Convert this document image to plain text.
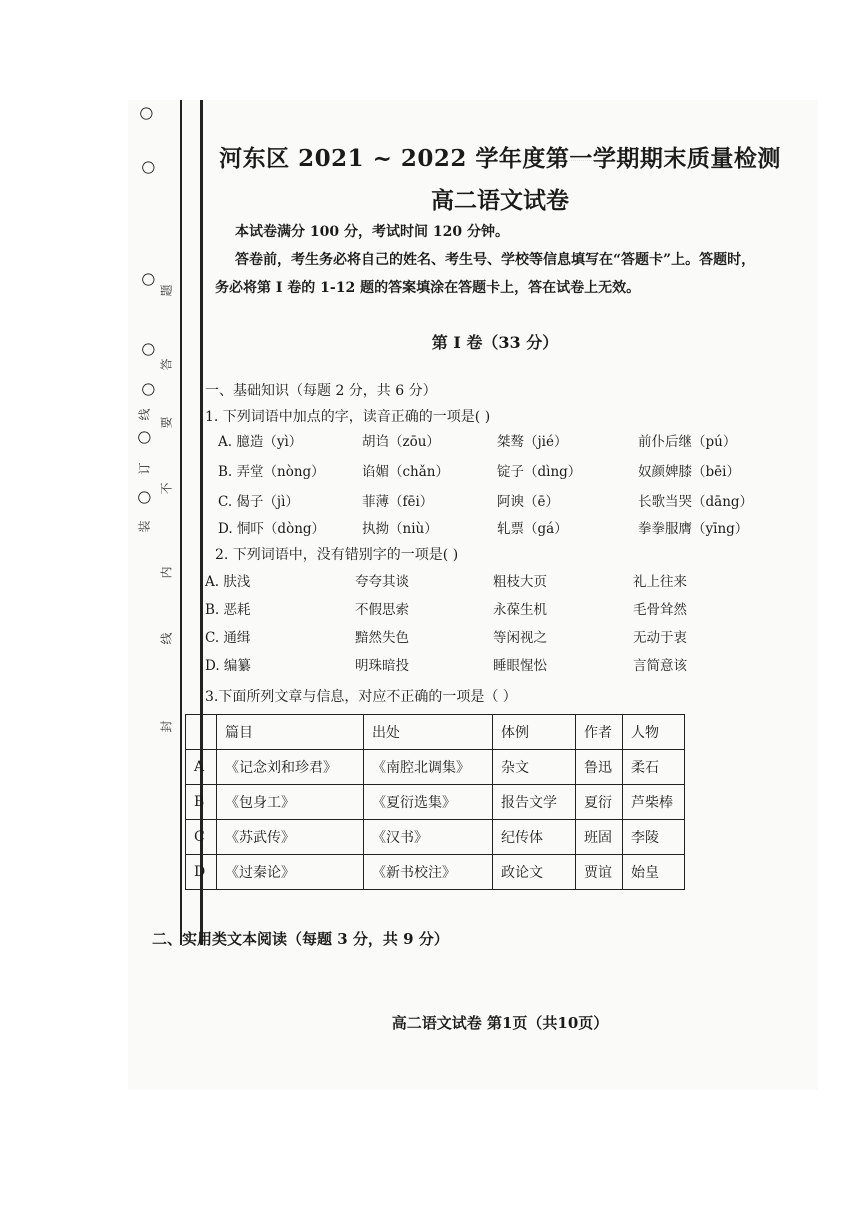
○
○
○
○
○
○
○
线
订
装
题
答
要
不
内
线
封
河东区 2021 ~ 2022 学年度第一学期期末质量检测
高二语文试卷
本试卷满分 100 分，考试时间 120 分钟。
答卷前，考生务必将自己的姓名、考生号、学校等信息填写在“答题卡”上。答题时，
务必将第 I 卷的 1-12 题的答案填涂在答题卡上，答在试卷上无效。
第 I 卷（33 分）
一、基础知识（每题 2 分，共 6 分）
1. 下列词语中加点的字，读音正确的一项是( )
A. 臆造（yì）	胡诌（zōu）	桀骜（jié）	前仆后继（pú）
B. 弄堂（nòng）	谄媚（chǎn）	锭子（dìng）	奴颜婢膝（bēi）
C. 偈子（jì）	菲薄（fēi）	阿谀（ē）	长歌当哭（dāng）
D. 恫吓（dòng）	执拗（niù）	轧票（gá）	拳拳服膺（yīng）
2. 下列词语中，没有错别字的一项是( )
A. 肤浅	夸夸其谈	粗枝大页	礼上往来
B. 恶耗	不假思索	永葆生机	毛骨耸然
C. 通缉	黯然失色	等闲视之	无动于衷
D. 编纂	明珠暗投	睡眼惺忪	言简意该
3.下面所列文章与信息，对应不正确的一项是（ ）
	篇目	出处	体例	作者	人物
A	《记念刘和珍君》	《南腔北调集》	杂文	鲁迅	柔石
B	《包身工》	《夏衍选集》	报告文学	夏衍	芦柴棒
C	《苏武传》	《汉书》	纪传体	班固	李陵
D	《过秦论》	《新书校注》	政论文	贾谊	始皇
二、实用类文本阅读（每题 3 分，共 9 分）
高二语文试卷 第1页（共10页）
